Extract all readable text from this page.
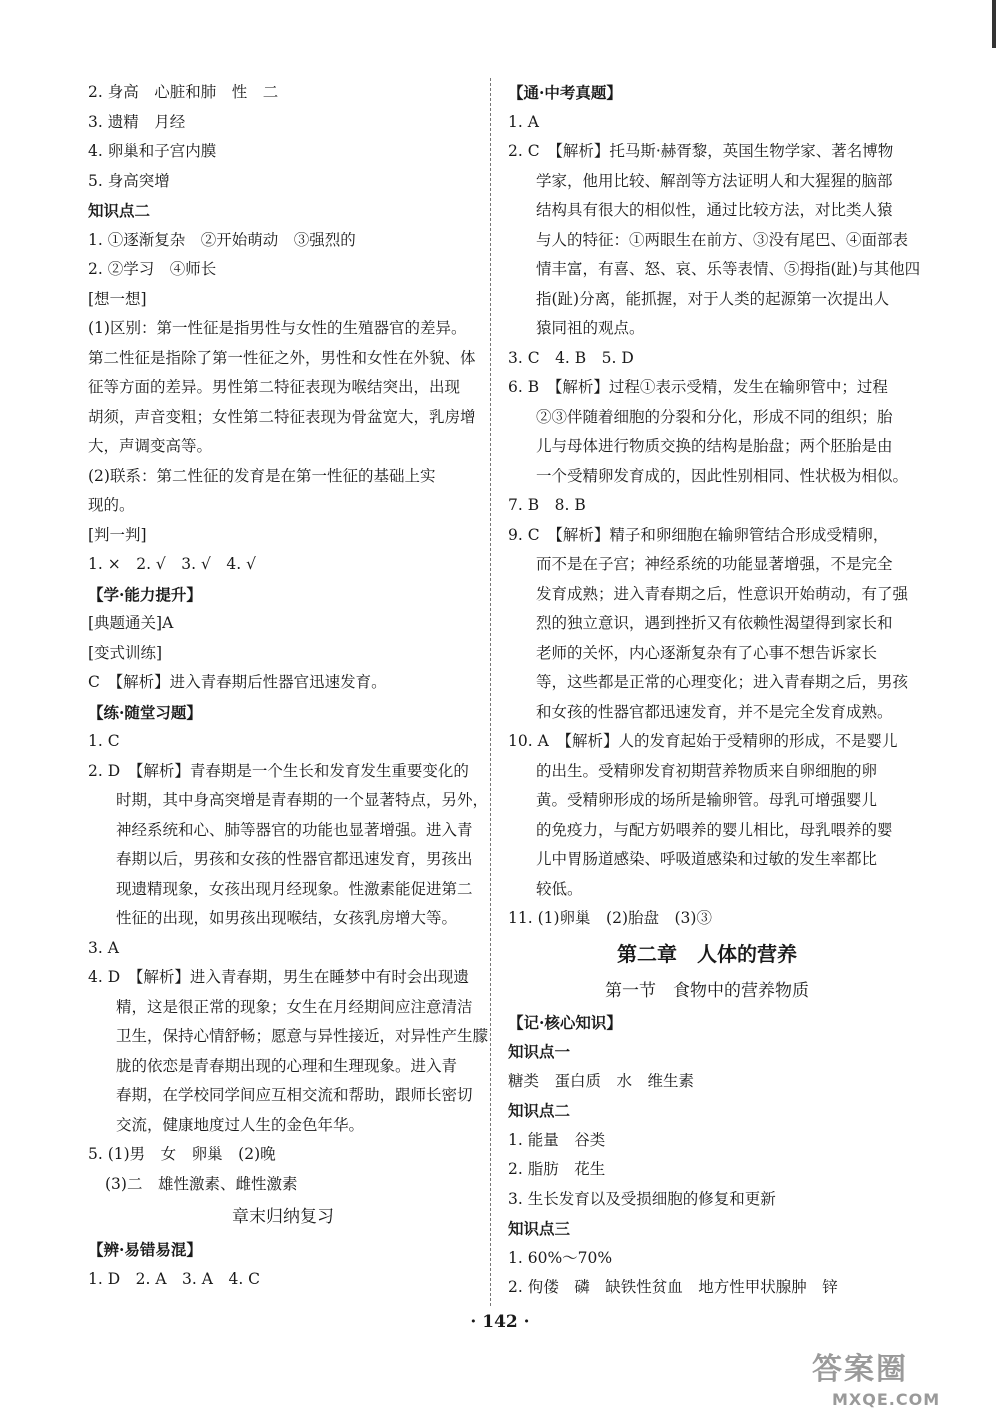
2. 身高　心脏和肺　性　二
3. 遗精　月经
4. 卵巢和子宫内膜
5. 身高突增
知识点二
1. ①逐渐复杂　②开始萌动　③强烈的
2. ②学习　④师长
[想一想]
(1)区别：第一性征是指男性与女性的生殖器官的差异。
第二性征是指除了第一性征之外，男性和女性在外貌、体
征等方面的差异。男性第二特征表现为喉结突出，出现
胡须，声音变粗；女性第二特征表现为骨盆宽大，乳房增
大，声调变高等。
(2)联系：第二性征的发育是在第一性征的基础上实
现的。
[判一判]
1. ×　2. √　3. √　4. √
【学·能力提升】
[典题通关]A
[变式训练]
C　【解析】进入青春期后性器官迅速发育。
【练·随堂习题】
1. C
2. D　【解析】青春期是一个生长和发育发生重要变化的
时期，其中身高突增是青春期的一个显著特点，另外，
神经系统和心、肺等器官的功能也显著增强。进入青
春期以后，男孩和女孩的性器官都迅速发育，男孩出
现遗精现象，女孩出现月经现象。性激素能促进第二
性征的出现，如男孩出现喉结，女孩乳房增大等。
3. A
4. D　【解析】进入青春期，男生在睡梦中有时会出现遗
精，这是很正常的现象；女生在月经期间应注意清洁
卫生，保持心情舒畅；愿意与异性接近，对异性产生朦
胧的依恋是青春期出现的心理和生理现象。进入青
春期，在学校同学间应互相交流和帮助，跟师长密切
交流，健康地度过人生的金色年华。
5. (1)男　女　卵巢　(2)晚
(3)二　雄性激素、雌性激素
章末归纳复习
【辨·易错易混】
1. D　2. A　3. A　4. C
【通·中考真题】
1. A
2. C　【解析】托马斯·赫胥黎，英国生物学家、著名博物
学家，他用比较、解剖等方法证明人和大猩猩的脑部
结构具有很大的相似性，通过比较方法，对比类人猿
与人的特征：①两眼生在前方、③没有尾巴、④面部表
情丰富，有喜、怒、哀、乐等表情、⑤拇指(趾)与其他四
指(趾)分离，能抓握，对于人类的起源第一次提出人
猿同祖的观点。
3. C　4. B　5. D
6. B　【解析】过程①表示受精，发生在输卵管中；过程
②③伴随着细胞的分裂和分化，形成不同的组织；胎
儿与母体进行物质交换的结构是胎盘；两个胚胎是由
一个受精卵发育成的，因此性别相同、性状极为相似。
7. B　8. B
9. C　【解析】精子和卵细胞在输卵管结合形成受精卵，
而不是在子宫；神经系统的功能显著增强，不是完全
发育成熟；进入青春期之后，性意识开始萌动，有了强
烈的独立意识，遇到挫折又有依赖性渴望得到家长和
老师的关怀，内心逐渐复杂有了心事不想告诉家长
等，这些都是正常的心理变化；进入青春期之后，男孩
和女孩的性器官都迅速发育，并不是完全发育成熟。
10. A　【解析】人的发育起始于受精卵的形成，不是婴儿
的出生。受精卵发育初期营养物质来自卵细胞的卵
黄。受精卵形成的场所是输卵管。母乳可增强婴儿
的免疫力，与配方奶喂养的婴儿相比，母乳喂养的婴
儿中胃肠道感染、呼吸道感染和过敏的发生率都比
较低。
11. (1)卵巢　(2)胎盘　(3)③
第二章　人体的营养
第一节　食物中的营养物质
【记·核心知识】
知识点一
糖类　蛋白质　水　维生素
知识点二
1. 能量　谷类
2. 脂肪　花生
3. 生长发育以及受损细胞的修复和更新
知识点三
1. 60%～70%
2. 佝偻　磷　缺铁性贫血　地方性甲状腺肿　锌
· 142 ·
答案圈
MXQE.COM
